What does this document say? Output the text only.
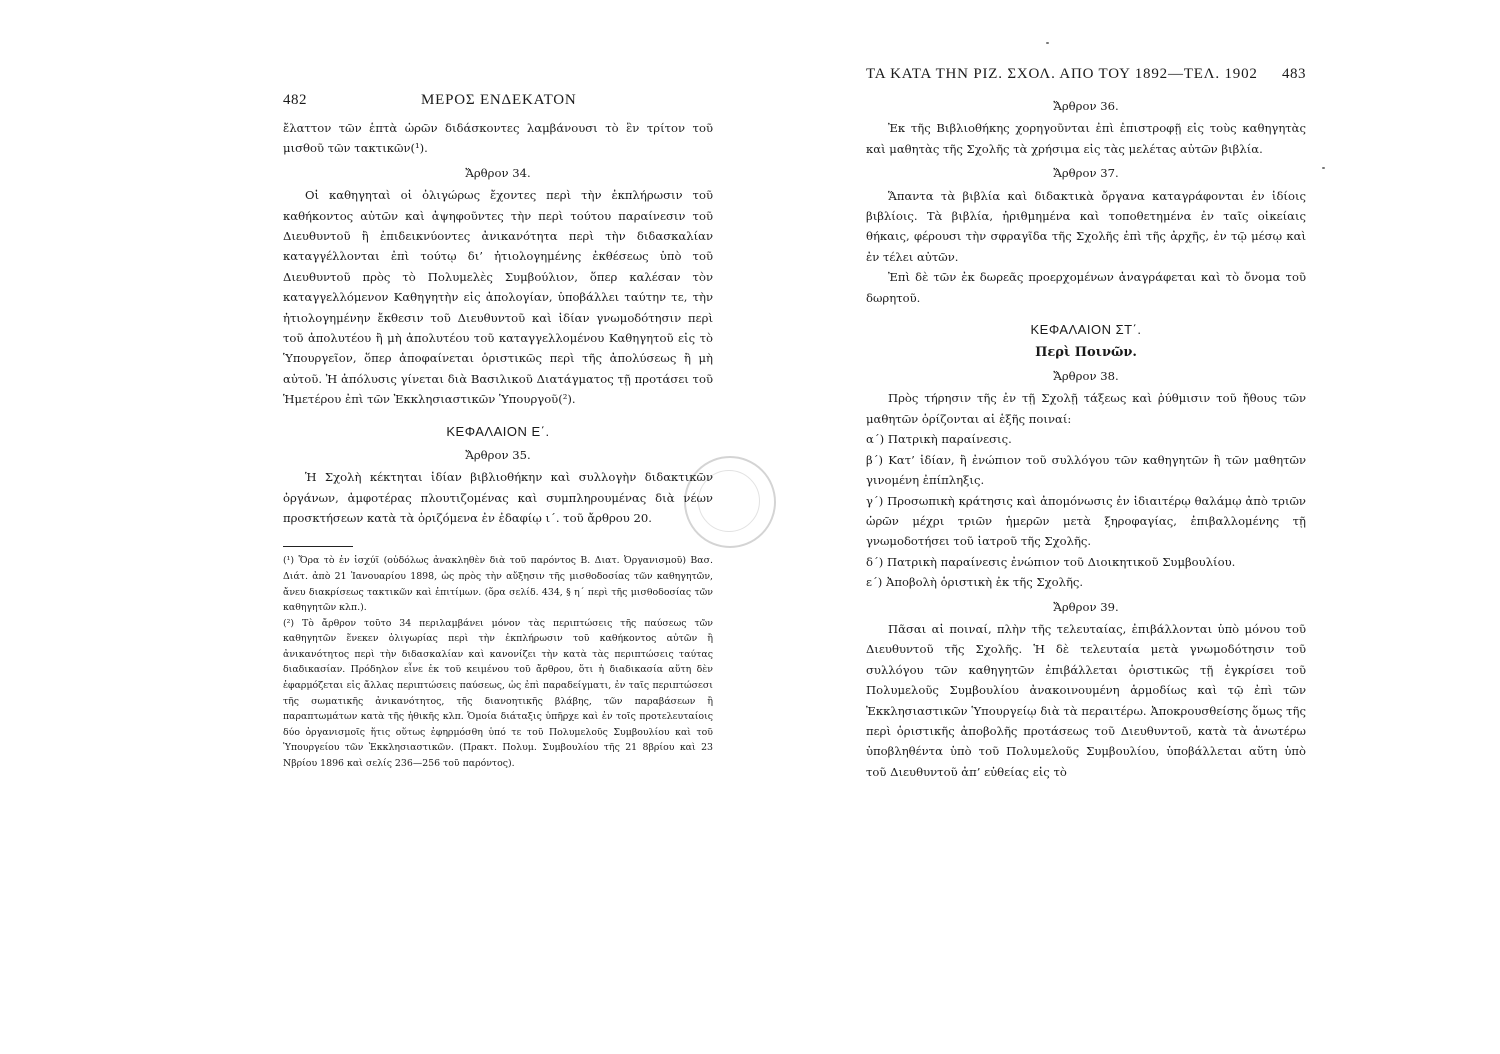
482	ΜΕΡΟΣ ΕΝΔΕΚΑΤΟΝ

ἔλαττον τῶν ἑπτὰ ὡρῶν διδάσκοντες λαμβάνουσι τὸ ἓν τρίτον τοῦ μισθοῦ τῶν τακτικῶν(¹).

Ἄρθρον 34.

Οἱ καθηγηταὶ οἱ ὀλιγώρως ἔχοντες περὶ τὴν ἐκπλήρωσιν τοῦ καθήκοντος αὐτῶν καὶ ἀψηφοῦντες τὴν περὶ τούτου παραίνεσιν τοῦ Διευθυντοῦ ἢ ἐπιδεικνύοντες ἀνικανότητα περὶ τὴν διδασκαλίαν καταγγέλλονται ἐπὶ τούτῳ δι’ ἠτιολογημένης ἐκθέσεως ὑπὸ τοῦ Διευθυντοῦ πρὸς τὸ Πολυμελὲς Συμβούλιον, ὅπερ καλέσαν τὸν καταγγελλόμενον Καθηγητὴν εἰς ἀπολογίαν, ὑποβάλλει ταύτην τε, τὴν ἠτιολογημένην ἔκθεσιν τοῦ Διευθυντοῦ καὶ ἰδίαν γνωμοδότησιν περὶ τοῦ ἀπολυτέου ἢ μὴ ἀπολυτέου τοῦ καταγγελλομένου Καθηγητοῦ εἰς τὸ Ὑπουργεῖον, ὅπερ ἀποφαίνεται ὁριστικῶς περὶ τῆς ἀπολύσεως ἢ μὴ αὐτοῦ. Ἡ ἀπόλυσις γίνεται διὰ Βασιλικοῦ Διατάγματος τῇ προτάσει τοῦ Ἡμετέρου ἐπὶ τῶν Ἐκκλησιαστικῶν Ὑπουργοῦ(²).

ΚΕΦΑΛΑΙΟΝ Ε΄.
Ἄρθρον 35.

Ἡ Σχολὴ κέκτηται ἰδίαν βιβλιοθήκην καὶ συλλογὴν διδακτικῶν ὀργάνων, ἀμφοτέρας πλουτιζομένας καὶ συμπληρουμένας διὰ νέων προσκτήσεων κατὰ τὰ ὁριζόμενα ἐν ἐδαφίῳ ι΄. τοῦ ἄρθρου 20.

(¹) Ὅρα τὸ ἐν ἰσχύϊ (οὐδόλως ἀνακληθὲν διὰ τοῦ παρόντος Β. Διατ. Ὀργανισμοῦ) Βασ. Διάτ. ἀπὸ 21 Ἰανουαρίου 1898, ὡς πρὸς τὴν αὔξησιν τῆς μισθοδοσίας τῶν καθηγητῶν, ἄνευ διακρίσεως τακτικῶν καὶ ἐπιτίμων. (ὅρα σελίδ. 434, § η΄ περὶ τῆς μισθοδοσίας τῶν καθηγητῶν κλπ.).

(²) Τὸ ἄρθρον τοῦτο 34 περιλαμβάνει μόνον τὰς περιπτώσεις τῆς παύσεως τῶν καθηγητῶν ἕνεκεν ὀλιγωρίας περὶ τὴν ἐκπλήρωσιν τοῦ καθήκοντος αὐτῶν ἢ ἀνικανότητος περὶ τὴν διδασκαλίαν καὶ κανονίζει τὴν κατὰ τὰς περιπτώσεις ταύτας διαδικασίαν. Πρόδηλον εἶνε ἐκ τοῦ κειμένου τοῦ ἄρθρου, ὅτι ἡ διαδικασία αὕτη δὲν ἐφαρμόζεται εἰς ἄλλας περιπτώσεις παύσεως, ὡς ἐπὶ παραδείγματι, ἐν ταῖς περιπτώσεσι τῆς σωματικῆς ἀνικανότητος, τῆς διανοητικῆς βλάβης, τῶν παραβάσεων ἢ παραπτωμάτων κατὰ τῆς ἠθικῆς κλπ. Ὁμοία διάταξις ὑπῆρχε καὶ ἐν τοῖς προτελευταίοις δύο ὀργανισμοῖς ἥτις οὕτως ἐφηρμόσθη ὑπό τε τοῦ Πολυμελοῦς Συμβουλίου καὶ τοῦ Ὑπουργείου τῶν Ἐκκλησιαστικῶν. (Πρακτ. Πολυμ. Συμβουλίου τῆς 21 8βρίου καὶ 23 Νβρίου 1896 καὶ σελίς 236—256 τοῦ παρόντος).

ΤΑ ΚΑΤΑ ΤΗΝ ΡΙΖ. ΣΧΟΛ. ΑΠΟ ΤΟΥ 1892—ΤΕΛ. 1902 483
Ἄρθρον 36.

Ἐκ τῆς Βιβλιοθήκης χορηγοῦνται ἐπὶ ἐπιστροφῇ εἰς τοὺς καθηγητὰς καὶ μαθητὰς τῆς Σχολῆς τὰ χρήσιμα εἰς τὰς μελέτας αὐτῶν βιβλία.

Ἄρθρον 37.

Ἅπαντα τὰ βιβλία καὶ διδακτικὰ ὄργανα καταγράφονται ἐν ἰδίοις βιβλίοις. Τὰ βιβλία, ἠριθμημένα καὶ τοποθετημένα ἐν ταῖς οἰκείαις θήκαις, φέρουσι τὴν σφραγῖδα τῆς Σχολῆς ἐπὶ τῆς ἀρχῆς, ἐν τῷ μέσῳ καὶ ἐν τέλει αὐτῶν.

Ἐπὶ δὲ τῶν ἐκ δωρεᾶς προερχομένων ἀναγράφεται καὶ τὸ ὄνομα τοῦ δωρητοῦ.

ΚΕΦΑΛΑΙΟΝ ΣΤ΄.
Περὶ Ποινῶν.
Ἄρθρον 38.

Πρὸς τήρησιν τῆς ἐν τῇ Σχολῇ τάξεως καὶ ῥύθμισιν τοῦ ἤθους τῶν μαθητῶν ὁρίζονται αἱ ἑξῆς ποιναί:

α΄) Πατρικὴ παραίνεσις.

β΄) Κατ’ ἰδίαν, ἢ ἐνώπιον τοῦ συλλόγου τῶν καθηγητῶν ἢ τῶν μαθητῶν γινομένη ἐπίπληξις.

γ΄) Προσωπικὴ κράτησις καὶ ἀπομόνωσις ἐν ἰδιαιτέρῳ θαλάμῳ ἀπὸ τριῶν ὡρῶν μέχρι τριῶν ἡμερῶν μετὰ ξηροφαγίας, ἐπιβαλλομένης τῇ γνωμοδοτήσει τοῦ ἰατροῦ τῆς Σχολῆς.

δ΄) Πατρικὴ παραίνεσις ἐνώπιον τοῦ Διοικητικοῦ Συμβουλίου.

ε΄) Ἀποβολὴ ὁριστικὴ ἐκ τῆς Σχολῆς.

Ἄρθρον 39.

Πᾶσαι αἱ ποιναί, πλὴν τῆς τελευταίας, ἐπιβάλλονται ὑπὸ μόνου τοῦ Διευθυντοῦ τῆς Σχολῆς. Ἡ δὲ τελευταία μετὰ γνωμοδότησιν τοῦ συλλόγου τῶν καθηγητῶν ἐπιβάλλεται ὁριστικῶς τῇ ἐγκρίσει τοῦ Πολυμελοῦς Συμβουλίου ἀνακοινουμένη ἁρμοδίως καὶ τῷ ἐπὶ τῶν Ἐκκλησιαστικῶν Ὑπουργείῳ διὰ τὰ περαιτέρω. Ἀποκρουσθείσης ὅμως τῆς περὶ ὁριστικῆς ἀποβολῆς προτάσεως τοῦ Διευθυντοῦ, κατὰ τὰ ἀνωτέρω ὑποβληθέντα ὑπὸ τοῦ Πολυμελοῦς Συμβουλίου, ὑποβάλλεται αὕτη ὑπὸ τοῦ Διευθυντοῦ ἀπ’ εὐθείας εἰς τὸ
